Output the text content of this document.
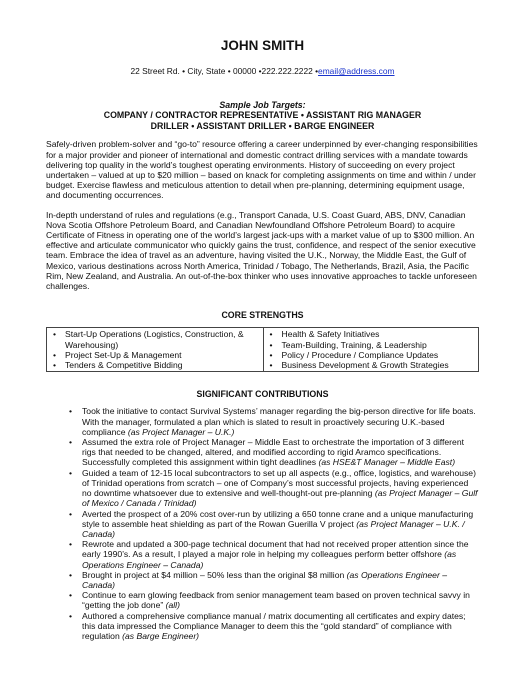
JOHN SMITH
22 Street Rd. • City, State • 00000 •222.222.2222 •email@address.com
Sample Job Targets:
COMPANY / CONTRACTOR REPRESENTATIVE • ASSISTANT RIG MANAGER
DRILLER • ASSISTANT DRILLER • BARGE ENGINEER

Safely-driven problem-solver and “go-to” resource offering a career underpinned by ever-changing responsibilities for a major provider and pioneer of international and domestic contract drilling services with a mandate towards delivering top quality in the world’s toughest operating environments. History of succeeding on every project undertaken – valued at up to $20 million – based on knack for completing assignments on time and within / under budget. Exercise flawless and meticulous attention to detail when pre-planning, determining equipment usage, and documenting occurrences.

In-depth understand of rules and regulations (e.g., Transport Canada, U.S. Coast Guard, ABS, DNV, Canadian Nova Scotia Offshore Petroleum Board, and Canadian Newfoundland Offshore Petroleum Board) to acquire Certificate of Fitness in operating one of the world’s largest jack-ups with a market value of up to $300 million. An effective and articulate communicator who quickly gains the trust, confidence, and respect of the senior executive team. Embrace the idea of travel as an adventure, having visited the U.K., Norway, the Middle East, the Gulf of Mexico, various destinations across North America, Trinidad / Tobago, The Netherlands, Brazil, Asia, the Pacific Rim, New Zealand, and Australia. An out-of-the-box thinker who uses innovative approaches to tackle unforeseen challenges.

CORE STRENGTHS
• Start-Up Operations (Logistics, Construction, & Warehousing)
• Project Set-Up & Management
• Tenders & Competitive Bidding
• Health & Safety Initiatives
• Team-Building, Training, & Leadership
• Policy / Procedure / Compliance Updates
• Business Development & Growth Strategies
SIGNIFICANT CONTRIBUTIONS
• Took the initiative to contact Survival Systems’ manager regarding the big-person directive for life boats. With the manager, formulated a plan which is slated to result in proactively securing U.K.-based compliance (as Project Manager – U.K.)
• Assumed the extra role of Project Manager – Middle East to orchestrate the importation of 3 different rigs that needed to be changed, altered, and modified according to rigid Aramco specifications. Successfully completed this assignment within tight deadlines (as HSE&T Manager – Middle East)
• Guided a team of 12-15 local subcontractors to set up all aspects (e.g., office, logistics, and warehouse) of Trinidad operations from scratch – one of Company’s most successful projects, having experienced no downtime whatsoever due to extensive and well-thought-out pre-planning (as Project Manager – Gulf of Mexico / Canada / Trinidad)
• Averted the prospect of a 20% cost over-run by utilizing a 650 tonne crane and a unique manufacturing style to assemble heat shielding as part of the Rowan Guerilla V project (as Project Manager – U.K. / Canada)
• Rewrote and updated a 300-page technical document that had not received proper attention since the early 1990’s. As a result, I played a major role in helping my colleagues perform better offshore (as Operations Engineer – Canada)
• Brought in project at $4 million – 50% less than the original $8 million (as Operations Engineer – Canada)
• Continue to earn glowing feedback from senior management team based on proven technical savvy in “getting the job done” (all)
• Authored a comprehensive compliance manual / matrix documenting all certificates and expiry dates; this data impressed the Compliance Manager to deem this the “gold standard” of compliance with regulation (as Barge Engineer)
